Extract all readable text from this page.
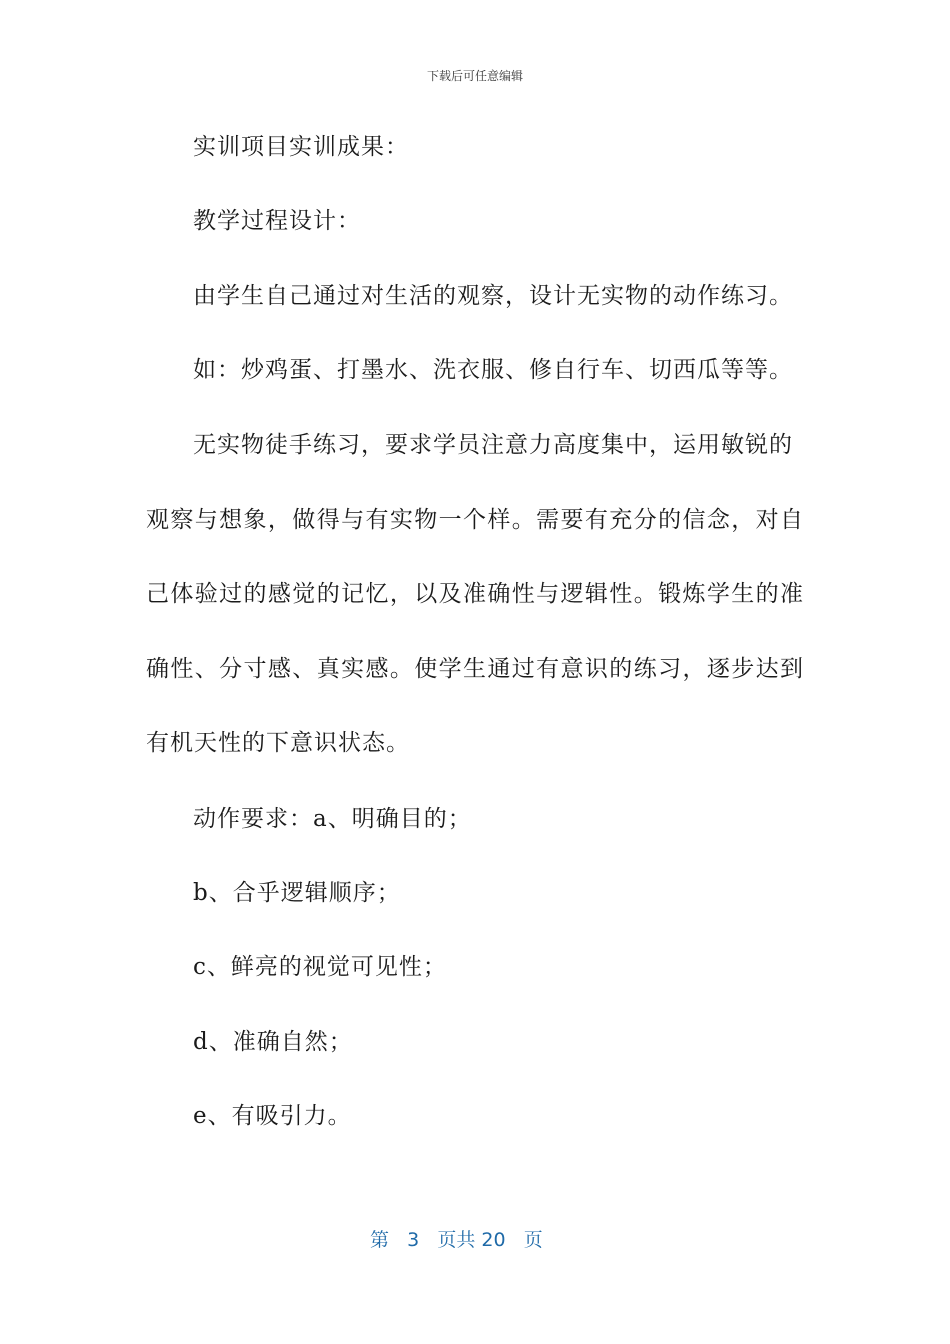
下载后可任意编辑
实训项目实训成果：
教学过程设计：
由学生自己通过对生活的观察，设计无实物的动作练习。
如：炒鸡蛋、打墨水、洗衣服、修自行车、切西瓜等等。
无实物徒手练习，要求学员注意力高度集中，运用敏锐的
观察与想象，做得与有实物一个样。需要有充分的信念，对自
己体验过的感觉的记忆，以及准确性与逻辑性。锻炼学生的准
确性、分寸感、真实感。使学生通过有意识的练习，逐步达到
有机天性的下意识状态。
动作要求：a、明确目的；
b、合乎逻辑顺序；
c、鲜亮的视觉可见性；
d、准确自然；
e、有吸引力。
第 3 页共 20 页
